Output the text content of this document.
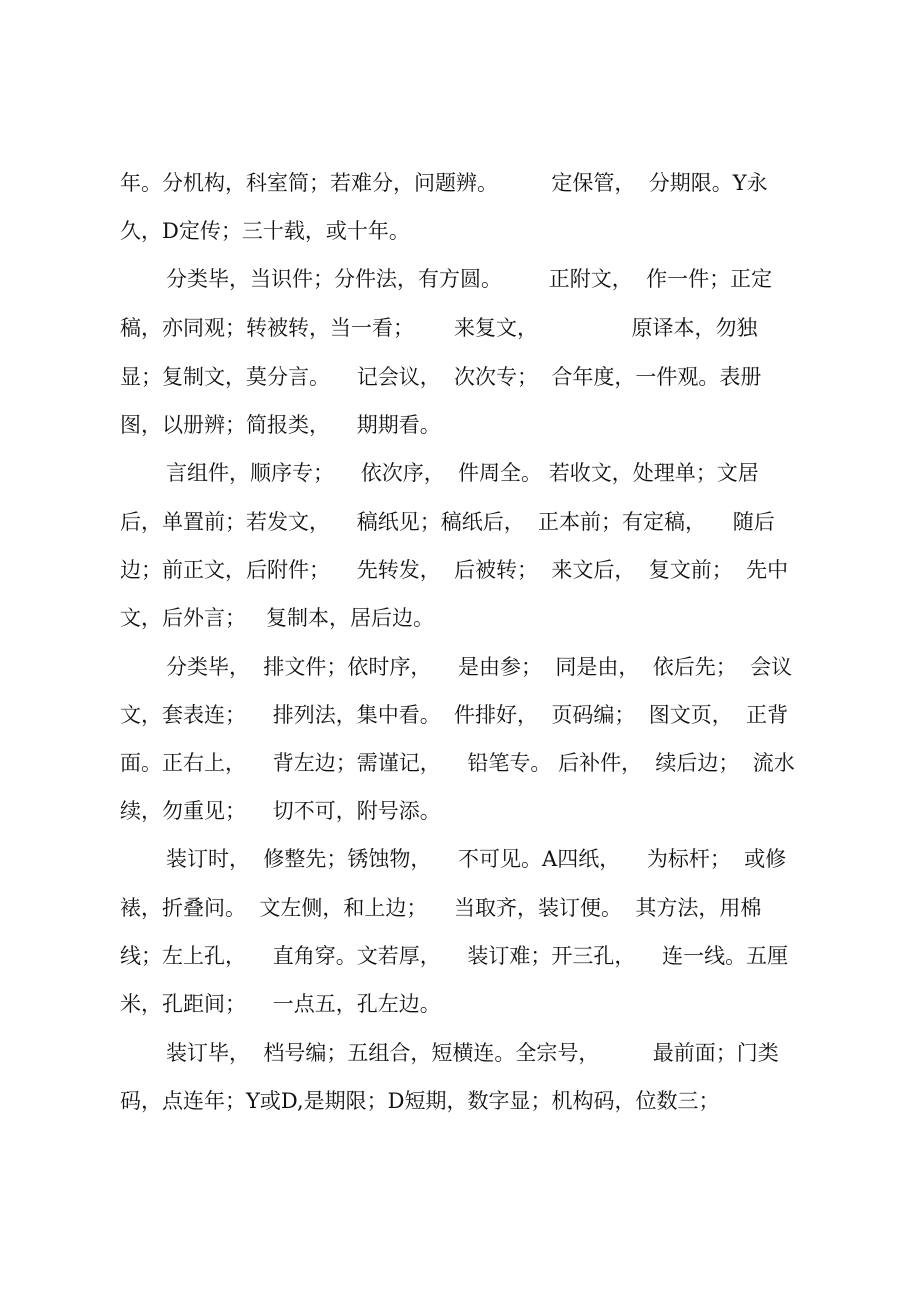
年。分机构，科室简；若难分，问题辨。        定保管，  分期限。Y永
久，D定传；三十载，或十年。
分类毕，当识件；分件法，有方圆。       正附文，  作一件；正定
稿，亦同观；转被转，当一看；      来复文，              原译本，勿独
显；复制文，莫分言。    记会议，  次次专；  合年度，一件观。表册
图，以册辨；简报类，    期期看。
言组件，顺序专；    依次序，  件周全。 若收文，处理单；文居
后，单置前；若发文，    稿纸见；稿纸后，  正本前；有定稿，    随后
边；前正文，后附件；    先转发，  后被转；  来文后，  复文前；  先中
文，后外言；   复制本，居后边。
分类毕，  排文件；依时序，    是由参；  同是由，  依后先；  会议
文，套表连；    排列法，集中看。  件排好，  页码编；  图文页，  正背
面。正右上，    背左边；需谨记，    铅笔专。 后补件，  续后边；  流水
续，勿重见；    切不可，附号添。
装订时，  修整先；锈蚀物，    不可见。A四纸，    为标杆；  或修
裱，折叠问。  文左侧，和上边；    当取齐，装订便。  其方法，用棉
线；左上孔，    直角穿。文若厚，    装订难；开三孔，    连一线。五厘
米，孔距间；    一点五，孔左边。
装订毕，  档号编；五组合，短横连。全宗号，        最前面；门类
码，点连年；Y或D,是期限；D短期，数字显；机构码，位数三；
